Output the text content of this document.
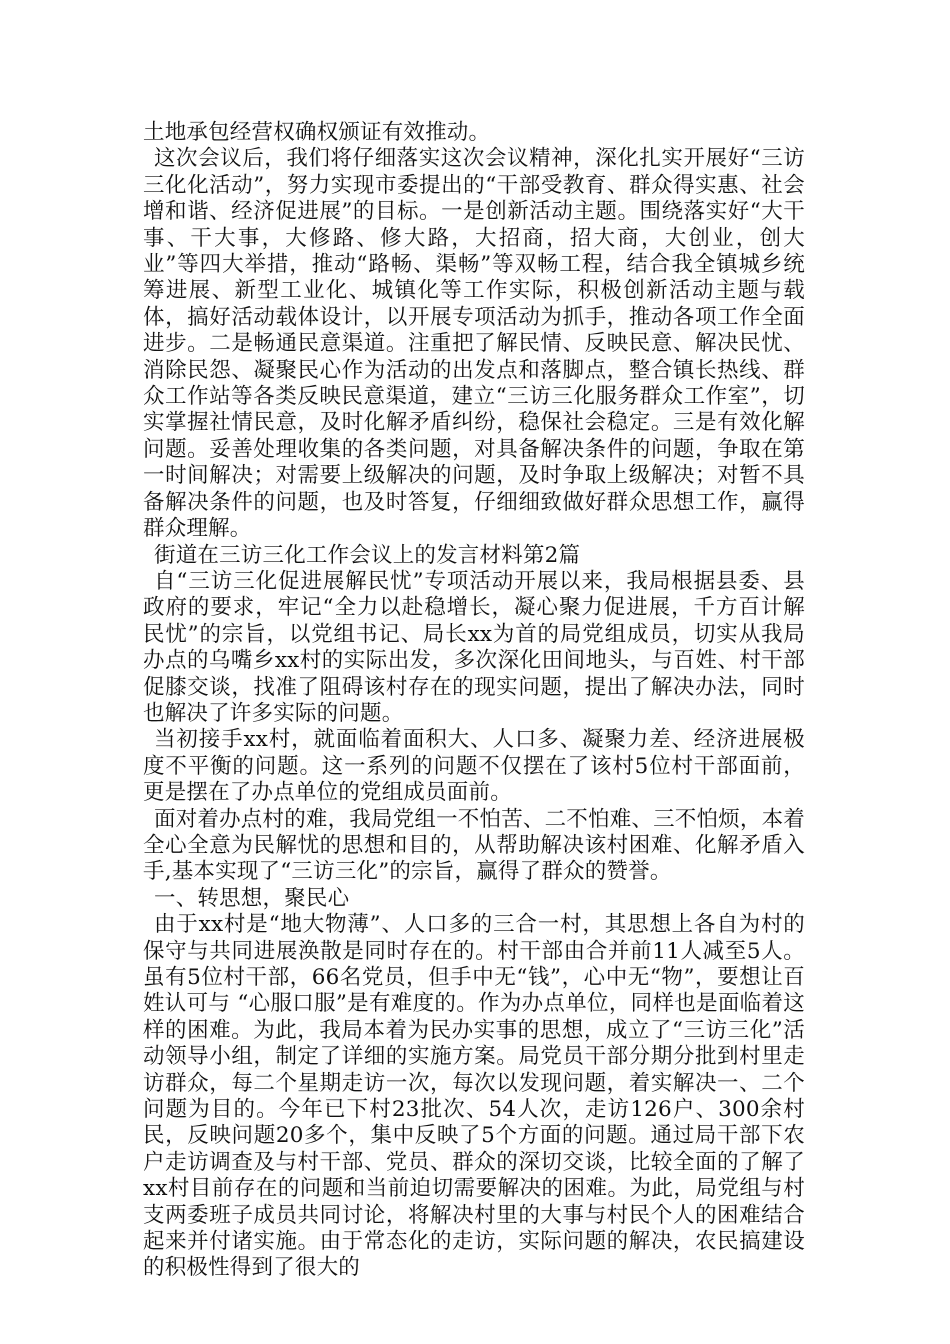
土地承包经营权确权颁证有效推动。

这次会议后，我们将仔细落实这次会议精神，深化扎实开展好“三访三化化活动”，努力实现市委提出的“干部受教育、群众得实惠、社会增和谐、经济促进展”的目标。一是创新活动主题。围绕落实好“大干事、干大事，大修路、修大路，大招商，招大商，大创业，创大业”等四大举措，推动“路畅、渠畅”等双畅工程，结合我全镇城乡统筹进展、新型工业化、城镇化等工作实际，积极创新活动主题与载体，搞好活动载体设计，以开展专项活动为抓手，推动各项工作全面进步。二是畅通民意渠道。注重把了解民情、反映民意、解决民忧、消除民怨、凝聚民心作为活动的出发点和落脚点，整合镇长热线、群众工作站等各类反映民意渠道，建立“三访三化服务群众工作室”，切实掌握社情民意，及时化解矛盾纠纷，稳保社会稳定。三是有效化解问题。妥善处理收集的各类问题，对具备解决条件的问题，争取在第一时间解决；对需要上级解决的问题，及时争取上级解决；对暂不具备解决条件的问题，也及时答复，仔细细致做好群众思想工作，赢得群众理解。

街道在三访三化工作会议上的发言材料第2篇

自“三访三化促进展解民忧”专项活动开展以来，我局根据县委、县政府的要求，牢记“全力以赴稳增长，凝心聚力促进展，千方百计解民忧”的宗旨，以党组书记、局长xx为首的局党组成员，切实从我局办点的乌嘴乡xx村的实际出发，多次深化田间地头，与百姓、村干部促膝交谈，找准了阻碍该村存在的现实问题，提出了解决办法，同时也解决了许多实际的问题。

当初接手xx村，就面临着面积大、人口多、凝聚力差、经济进展极度不平衡的问题。这一系列的问题不仅摆在了该村5位村干部面前，更是摆在了办点单位的党组成员面前。

面对着办点村的难，我局党组一不怕苦、二不怕难、三不怕烦，本着全心全意为民解忧的思想和目的，从帮助解决该村困难、化解矛盾入手,基本实现了“三访三化”的宗旨，赢得了群众的赞誉。

一、转思想，聚民心

由于xx村是“地大物薄”、人口多的三合一村，其思想上各自为村的保守与共同进展涣散是同时存在的。村干部由合并前11人减至5人。虽有5位村干部，66名党员，但手中无“钱”，心中无“物”，要想让百姓认可与 “心服口服”是有难度的。作为办点单位，同样也是面临着这样的困难。为此，我局本着为民办实事的思想，成立了“三访三化”活动领导小组，制定了详细的实施方案。局党员干部分期分批到村里走访群众，每二个星期走访一次，每次以发现问题，着实解决一、二个问题为目的。今年已下村23批次、54人次，走访126户、300余村民，反映问题20多个，集中反映了5个方面的问题。通过局干部下农户走访调查及与村干部、党员、群众的深切交谈，比较全面的了解了xx村目前存在的问题和当前迫切需要解决的困难。为此，局党组与村支两委班子成员共同讨论，将解决村里的大事与村民个人的困难结合起来并付诸实施。由于常态化的走访，实际问题的解决，农民搞建设的积极性得到了很大的
